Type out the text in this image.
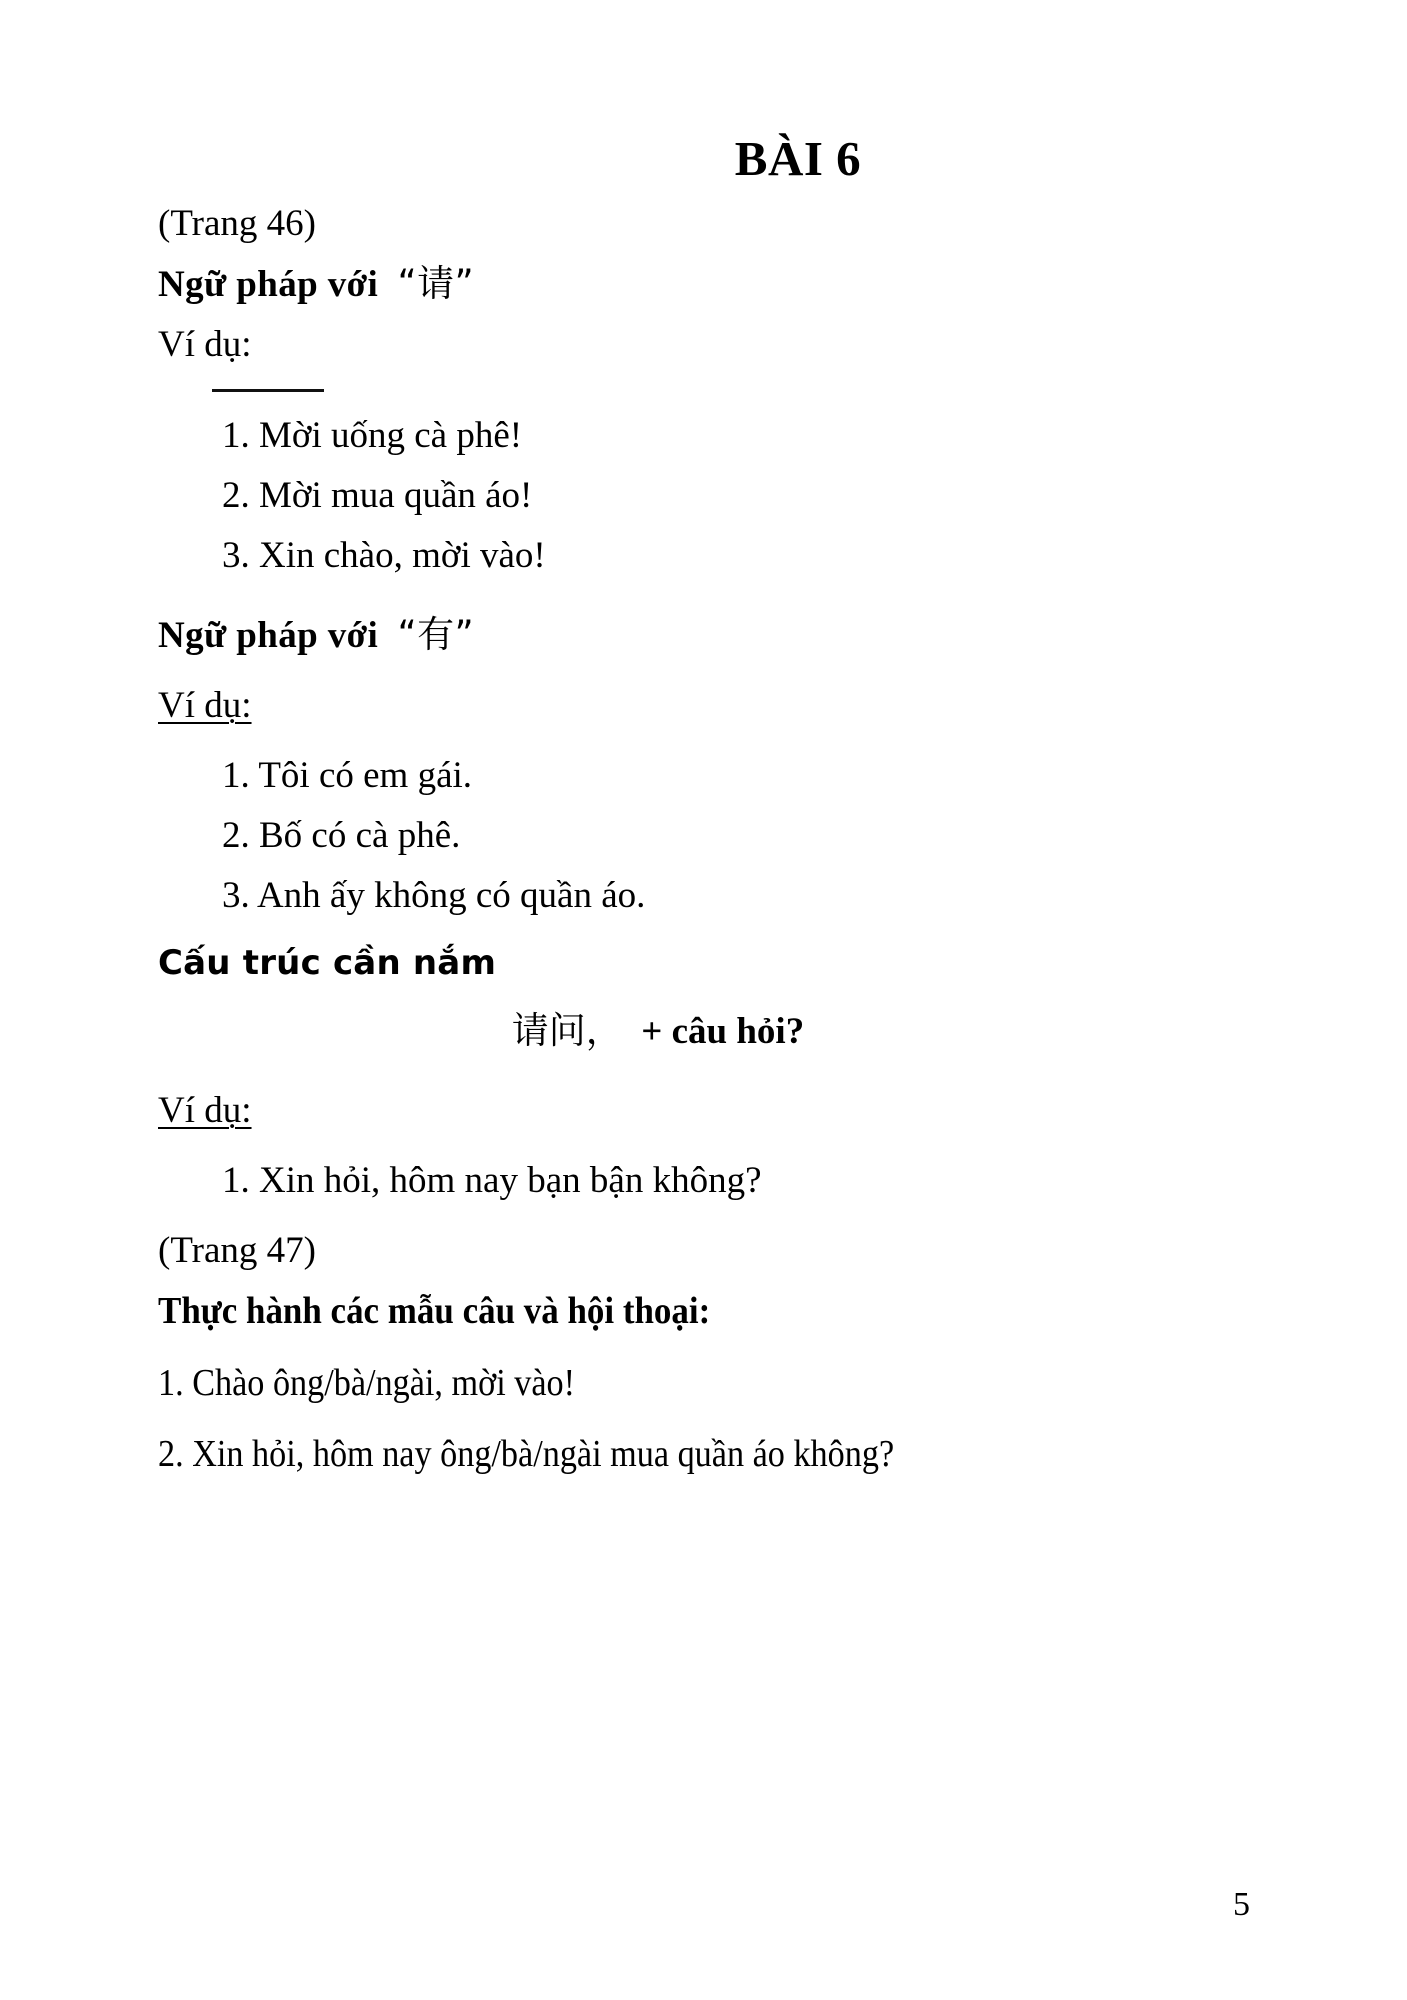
BÀI 6

(Trang 46)

Ngữ pháp với “请”

Ví dụ:

1. Mời uống cà phê!

2. Mời mua quần áo!

3. Xin chào, mời vào!

Ngữ pháp với “有”

Ví dụ:

1. Tôi có em gái.

2. Bố có cà phê.

3. Anh ấy không có quần áo.

Cấu trúc cần nắm

请问， + câu hỏi?

Ví dụ:

1. Xin hỏi, hôm nay bạn bận không?

(Trang 47)

Thực hành các mẫu câu và hội thoại:

1. Chào ông/bà/ngài, mời vào!

2. Xin hỏi, hôm nay ông/bà/ngài mua quần áo không?

5
